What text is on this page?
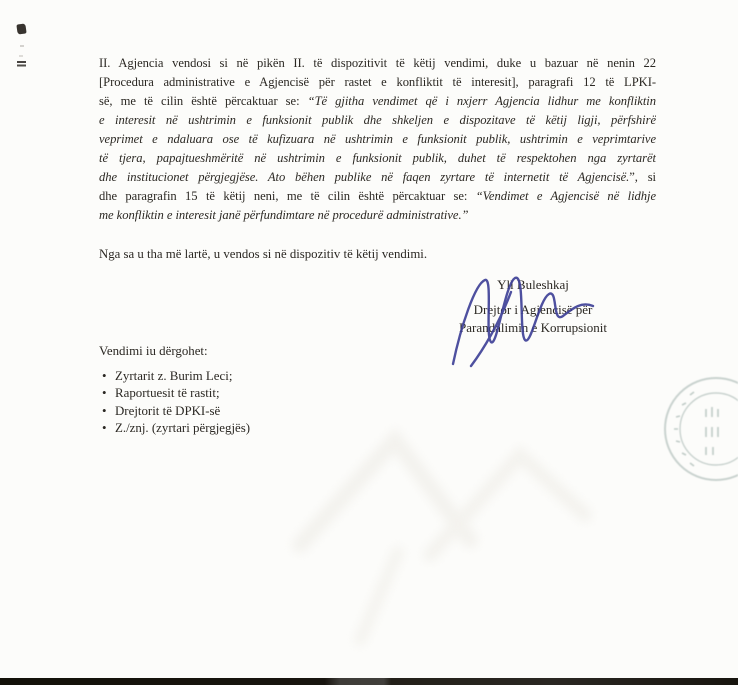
II. Agjencia vendosi si në pikën II. të dispozitivit të këtij vendimi, duke u bazuar në nenin 22
[Procedura administrative e Agjencisë për rastet e konfliktit të interesit], paragrafi 12 të LPKI-
së, me të cilin është përcaktuar se: “Të gjitha vendimet që i nxjerr Agjencia lidhur me konfliktin
e interesit në ushtrimin e funksionit publik dhe shkeljen e dispozitave të këtij ligji, përfshirë
veprimet e ndaluara ose të kufizuara në ushtrimin e funksionit publik, ushtrimin e veprimtarive
të tjera, papajtueshmëritë në ushtrimin e funksionit publik, duhet të respektohen nga zyrtarët
dhe institucionet përgjegjëse. Ato bëhen publike në faqen zyrtare të internetit të Agjencisë.”, si
dhe paragrafin 15 të këtij neni, me të cilin është përcaktuar se: “Vendimet e Agjencisë në lidhje
me konfliktin e interesit janë përfundimtare në procedurë administrative.”
Nga sa u tha më lartë, u vendos si në dispozitiv të këtij vendimi.
Yll Buleshkaj
Drejtor i Agjencisë për
Parandalimin e Korrupsionit
Vendimi iu dërgohet:
• Zyrtarit z. Burim Leci;
• Raportuesit të rastit;
• Drejtorit të DPKI-së
• Z./znj. (zyrtari përgjegjës)
